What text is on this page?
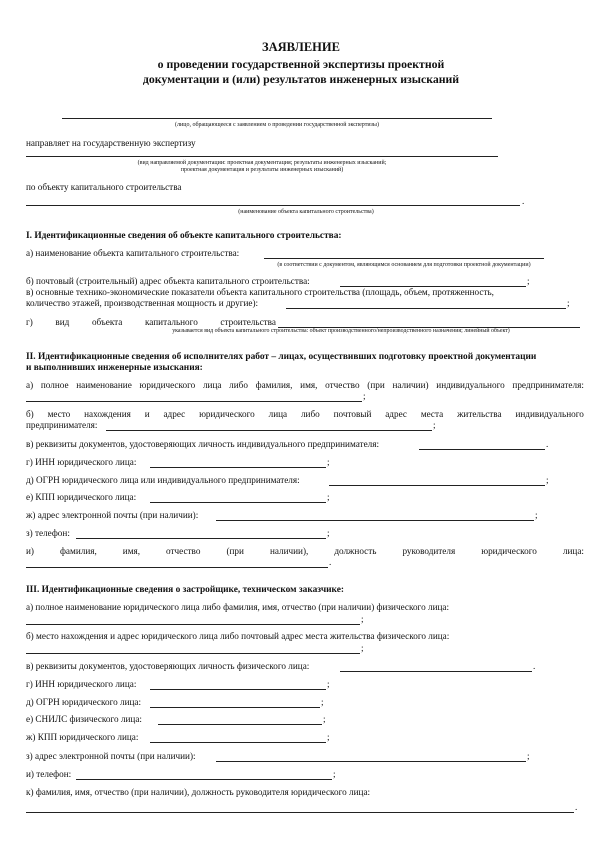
ЗАЯВЛЕНИЕ
о проведении государственной экспертизы проектной
документации и (или) результатов инженерных изысканий
(лицо, обращающееся с заявлением о проведении государственной экспертизы)
направляет на государственную экспертизу
(вид направляемой документации: проектная документация; результаты инженерных изысканий;
проектная документация и результаты инженерных изысканий)
по объекту капитального строительства
.
(наименование объекта капитального строительства)
I. Идентификационные сведения об объекте капитального строительства:
а) наименование объекта капитального строительства:
(в соответствии с документом, являющимся основанием для подготовки проектной документации)
б) почтовый (строительный) адрес объекта капитального строительства:	;
в) основные технико-экономические показатели объекта капитального строительства (площадь, объем, протяженность,
количество этажей, производственная мощность и другие):	;
г) вид объекта капитального строительства
указывается вид объекта капитального строительства: объект производственного/непроизводственного назначения; линейный объект)
II. Идентификационные сведения об исполнителях работ – лицах, осуществивших подготовку проектной документации
и выполнивших инженерные изыскания:
а) полное наименование юридического лица либо фамилия, имя, отчество (при наличии) индивидуального предпринимателя:
;
б) место нахождения и адрес юридического лица либо почтовый адрес места жительства индивидуального
предпринимателя:	;
в) реквизиты документов, удостоверяющих личность индивидуального предпринимателя:	.
г) ИНН юридического лица:	;
д) ОГРН юридического лица или индивидуального предпринимателя:	;
е) КПП юридического лица:	;
ж) адрес электронной почты (при наличии):	;
з) телефон:	;
и)	фамилия,	имя,	отчество	(при	наличии),	должность	руководителя	юридического	лица:
.
III. Идентификационные сведения о застройщике, техническом заказчике:
а) полное наименование юридического лица либо фамилия, имя, отчество (при наличии) физического лица:
;
б) место нахождения и адрес юридического лица либо почтовый адрес места жительства физического лица:
;
в) реквизиты документов, удостоверяющих личность физического лица:	.
г) ИНН юридического лица:	;
д) ОГРН юридического лица:	;
е) СНИЛС физического лица:	;
ж) КПП юридического лица:	;
з) адрес электронной почты (при наличии):	;
и) телефон:	;
к) фамилия, имя, отчество (при наличии), должность руководителя юридического лица:
.
